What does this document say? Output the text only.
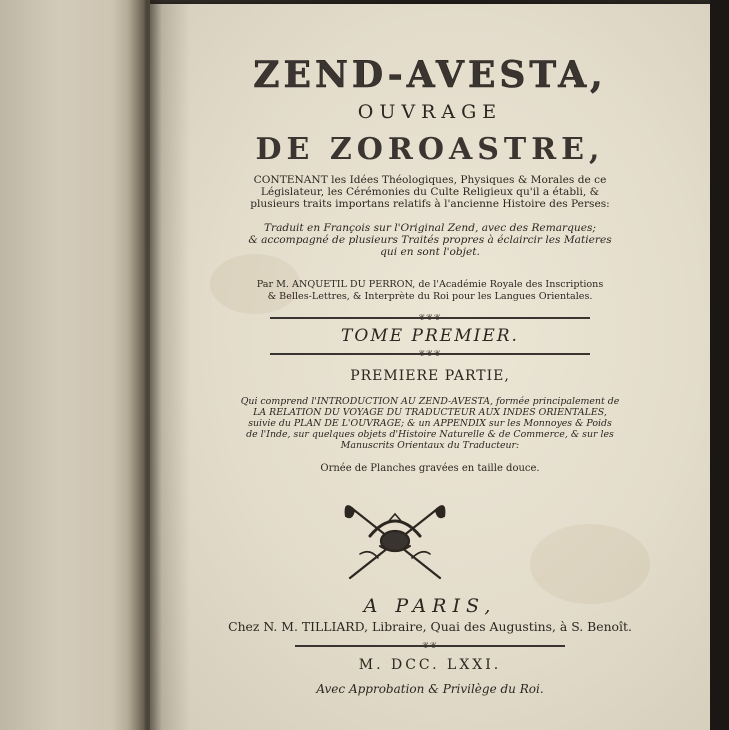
ZEND-AVESTA,
OUVRAGE
DE ZOROASTRE,
CONTENANT les Idées Théologiques, Physiques & Morales de ce
Législateur, les Cérémonies du Culte Religieux qu'il a établi, &
plusieurs traits importans relatifs à l'ancienne Histoire des Perses:
Traduit en François sur l'Original Zend, avec des Remarques;
& accompagné de plusieurs Traités propres à éclaircir les Matieres
qui en sont l'objet.
Par M. ANQUETIL DU PERRON, de l'Académie Royale des Inscriptions
& Belles-Lettres, & Interprète du Roi pour les Langues Orientales.
❦❦❦
TOME PREMIER.
❦❦❦
PREMIERE PARTIE,
Qui comprend l'INTRODUCTION AU ZEND-AVESTA, formée principalement de
LA RELATION DU VOYAGE DU TRADUCTEUR AUX INDES ORIENTALES,
suivie du PLAN DE L'OUVRAGE; & un APPENDIX sur les Monnoyes & Poids
de l'Inde, sur quelques objets d'Histoire Naturelle & de Commerce, & sur les
Manuscrits Orientaux du Traducteur:
Ornée de Planches gravées en taille douce.
A PARIS,
Chez N. M. TILLIARD, Libraire, Quai des Augustins, à S. Benoît.
❦❦
M. DCC. LXXI.
Avec Approbation & Privilège du Roi.
